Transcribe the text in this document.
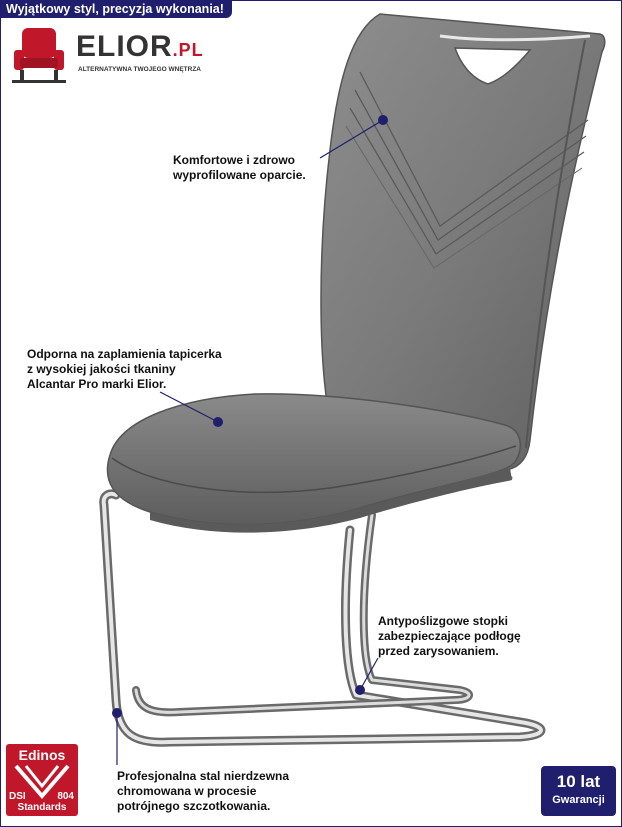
Wyjątkowy styl, precyzja wykonania!
ELIOR.PL
ALTERNATYWNA TWOJEGO WNĘTRZA
Komfortowe i zdrowo
wyprofilowane oparcie.
Odporna na zaplamienia tapicerka
z wysokiej jakości tkaniny
Alcantar Pro marki Elior.
Antypoślizgowe stopki
zabezpieczające podłogę
przed zarysowaniem.
Profesjonalna stal nierdzewna
chromowana w procesie
potrójnego szczotkowania.
Edinos
DSI	804
Standards
10 lat
Gwarancji
